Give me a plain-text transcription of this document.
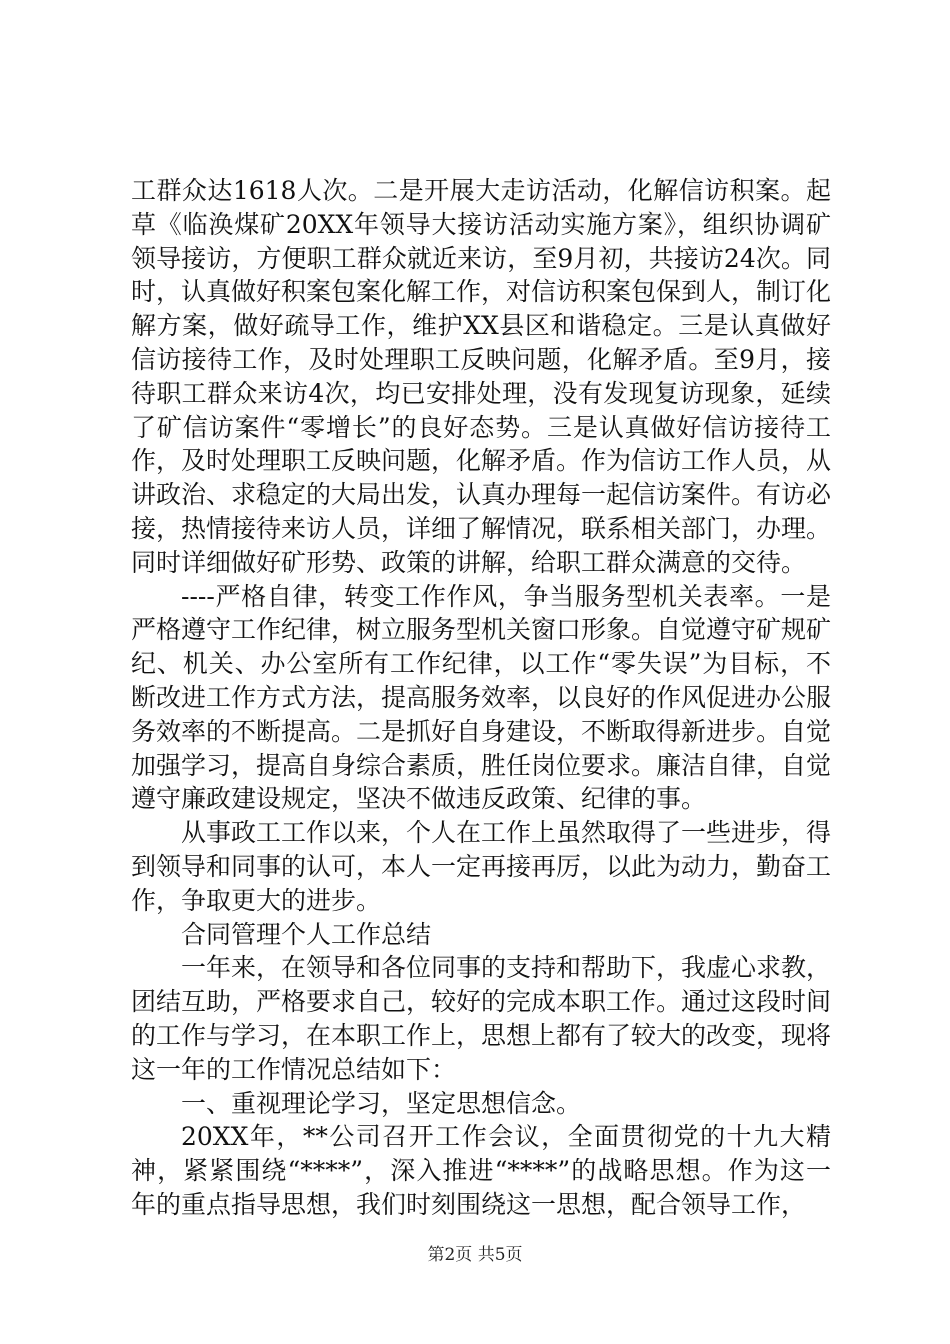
工群众达1618人次。二是开展大走访活动，化解信访积案。起草《临涣煤矿20XX年领导大接访活动实施方案》，组织协调矿领导接访，方便职工群众就近来访，至9月初，共接访24次。同时，认真做好积案包案化解工作，对信访积案包保到人，制订化解方案，做好疏导工作，维护XX县区和谐稳定。三是认真做好信访接待工作，及时处理职工反映问题，化解矛盾。至9月，接待职工群众来访4次，均已安排处理，没有发现复访现象，延续了矿信访案件“零增长”的良好态势。三是认真做好信访接待工作，及时处理职工反映问题，化解矛盾。作为信访工作人员，从讲政治、求稳定的大局出发，认真办理每一起信访案件。有访必接，热情接待来访人员，详细了解情况，联系相关部门，办理。同时详细做好矿形势、政策的讲解，给职工群众满意的交待。

----严格自律，转变工作作风，争当服务型机关表率。一是严格遵守工作纪律，树立服务型机关窗口形象。自觉遵守矿规矿纪、机关、办公室所有工作纪律，以工作“零失误”为目标，不断改进工作方式方法，提高服务效率，以良好的作风促进办公服务效率的不断提高。二是抓好自身建设，不断取得新进步。自觉加强学习，提高自身综合素质，胜任岗位要求。廉洁自律，自觉遵守廉政建设规定，坚决不做违反政策、纪律的事。

从事政工工作以来，个人在工作上虽然取得了一些进步，得到领导和同事的认可，本人一定再接再厉，以此为动力，勤奋工作，争取更大的进步。

合同管理个人工作总结

一年来，在领导和各位同事的支持和帮助下，我虚心求教，团结互助，严格要求自己，较好的完成本职工作。通过这段时间的工作与学习，在本职工作上，思想上都有了较大的改变，现将这一年的工作情况总结如下：

一、重视理论学习，坚定思想信念。

20XX年，**公司召开工作会议，全面贯彻党的十九大精神，紧紧围绕“****”，深入推进“****”的战略思想。作为这一年的重点指导思想，我们时刻围绕这一思想，配合领导工作，

第2页 共5页
